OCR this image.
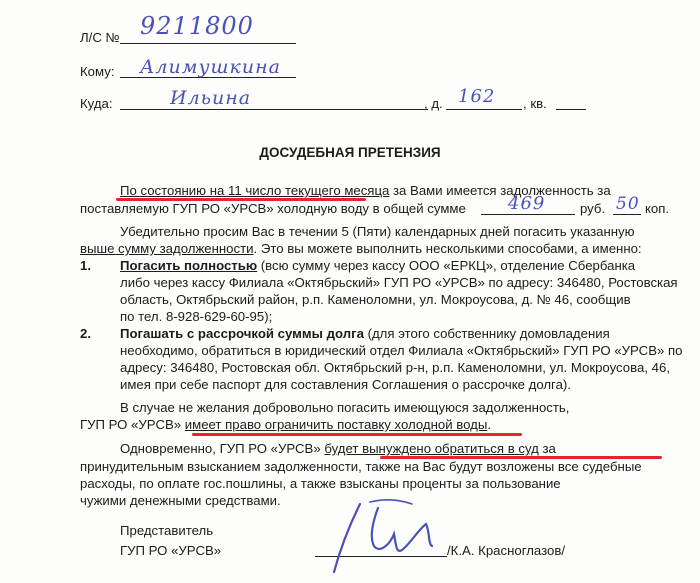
Л/С № 9211800
Кому: Алимушкина
Куда:	Ильина	, д. 162 , кв.
ДОСУДЕБНАЯ ПРЕТЕНЗИЯ
По состоянию на 11 число текущего месяца за Вами имеется задолженность за
поставляемую ГУП РО «УРСВ» холодную воду в общей сумме 469	руб. 50 коп.
Убедительно просим Вас в течении 5 (Пяти) календарных дней погасить указанную
выше сумму задолженности. Это вы можете выполнить несколькими способами, а именно:
1. Погасить полностью (всю сумму через кассу ООО «ЕРКЦ», отделение Сбербанка
либо через кассу Филиала «Октябрьский» ГУП РО «УРСВ» по адресу: 346480, Ростовская
область, Октябрьский район, р.п. Каменоломни, ул. Мокроусова, д. № 46, сообщив
по тел. 8-928-629-60-95);
2. Погашать с рассрочкой суммы долга (для этого собственнику домовладения
необходимо, обратиться в юридический отдел Филиала «Октябрьский» ГУП РО «УРСВ» по
адресу: 346480, Ростовская обл. Октябрьский р-н, р.п. Каменоломни, ул. Мокроусова, 46,
имея при себе паспорт для составления Соглашения о рассрочке долга).
В случае не желания добровольно погасить имеющуюся задолженность,
ГУП РО «УРСВ» имеет право ограничить поставку холодной воды.
Одновременно, ГУП РО «УРСВ» будет вынуждено обратиться в суд за
принудительным взысканием задолженности, также на Вас будут возложены все судебные
расходы, по оплате гос.пошлины, а также взысканы проценты за пользование
чужими денежными средствами.
Представитель
ГУП РО «УРСВ»	/К.А. Красноглазов/
